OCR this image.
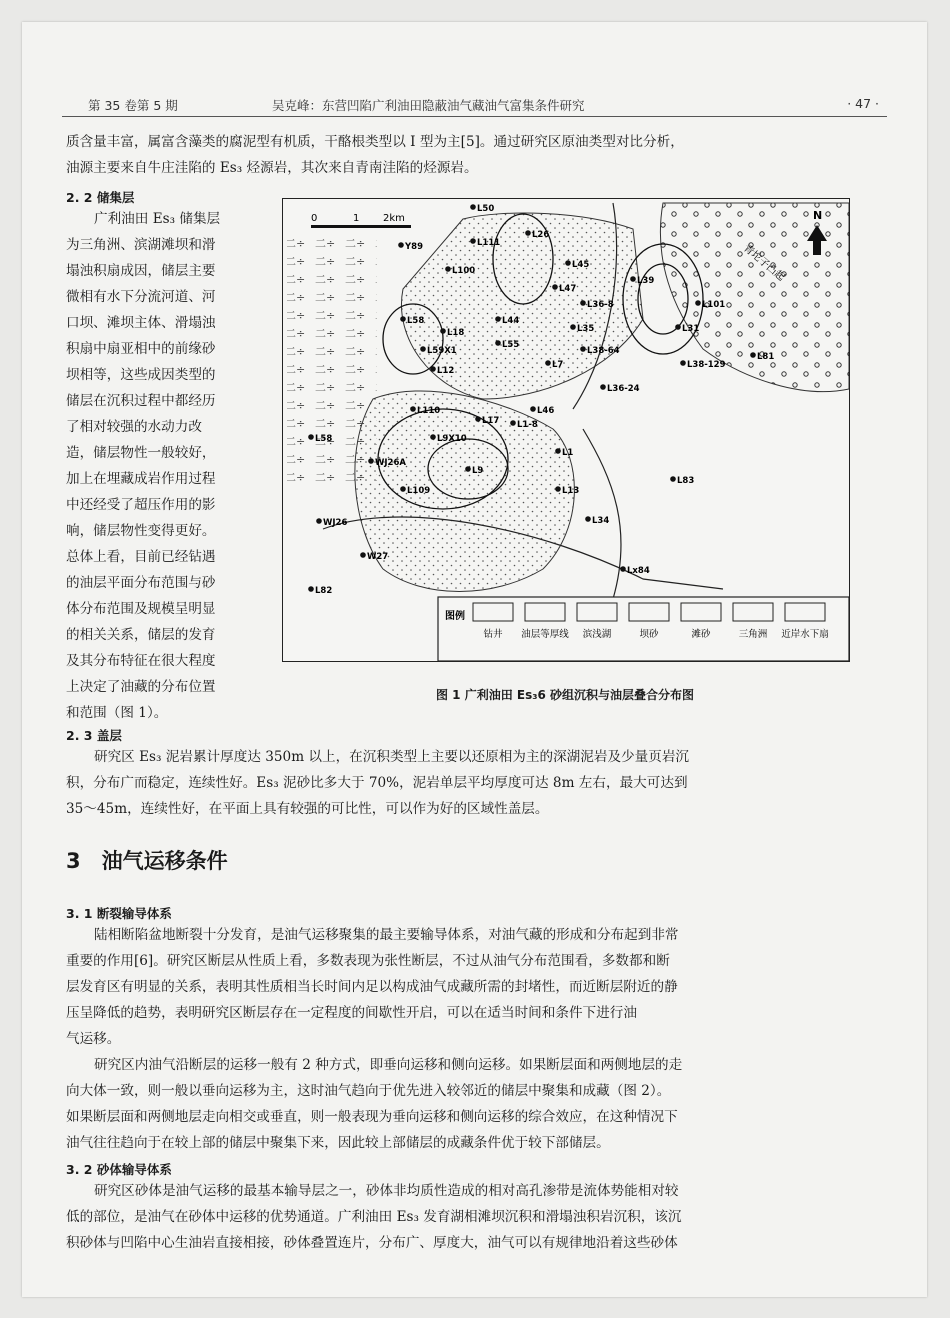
第 35 卷第 5 期	吴克峰：东营凹陷广利油田隐蔽油气藏油气富集条件研究	· 47 ·
质含量丰富，属富含藻类的腐泥型有机质，干酪根类型以 I 型为主[5]。通过研究区原油类型对比分析，
油源主要来自牛庄洼陷的 Es₃ 烃源岩，其次来自青南洼陷的烃源岩。
2. 2 储集层
广利油田 Es₃ 储集层
为三角洲、滨湖滩坝和滑
塌浊积扇成因，储层主要
微相有水下分流河道、河
口坝、滩坝主体、滑塌浊
积扇中扇亚相中的前缘砂
坝相等，这些成因类型的
储层在沉积过程中都经历
了相对较强的水动力改
造，储层物性一般较好，
加上在埋藏成岩作用过程
中还经受了超压作用的影
响，储层物性变得更好。
总体上看，目前已经钻遇
的油层平面分布范围与砂
体分布范围及规模呈明显
的相关关系，储层的发育
及其分布特征在很大程度
上决定了油藏的分布位置
和范围（图 1）。
0	1 2km	N
青坨子凸起
L50
L26
Y89	L111
L100
L45
L47
L39
L36-8	L101
L58	L44
L35
L18
L55
L31
L59X1	L38-64
L7	L38-129
L81
L12
L36-24
L46
L110
L17 L1-8
L58	L9X10
L1
L9
WJ26A
L109	L13
L83
WJ26	L34
W27
L82
Lx84
图例
钻井 油层等厚线 滨浅湖	坝砂	滩砂	三角洲 近岸水下扇
图 1 广利油田 Es₃6 砂组沉积与油层叠合分布图
2. 3 盖层
研究区 Es₃ 泥岩累计厚度达 350m 以上，在沉积类型上主要以还原相为主的深湖泥岩及少量页岩沉
积，分布广而稳定，连续性好。Es₃ 泥砂比多大于 70%，泥岩单层平均厚度可达 8m 左右，最大可达到
35～45m，连续性好，在平面上具有较强的可比性，可以作为好的区域性盖层。
3　油气运移条件
3. 1 断裂输导体系
陆相断陷盆地断裂十分发育，是油气运移聚集的最主要输导体系，对油气藏的形成和分布起到非常
重要的作用[6]。研究区断层从性质上看，多数表现为张性断层，不过从油气分布范围看，多数都和断
层发育区有明显的关系，表明其性质相当长时间内足以构成油气成藏所需的封堵性，而近断层附近的静
压呈降低的趋势，表明研究区断层存在一定程度的间歇性开启，可以在适当时间和条件下进行油
气运移。
研究区内油气沿断层的运移一般有 2 种方式，即垂向运移和侧向运移。如果断层面和两侧地层的走
向大体一致，则一般以垂向运移为主，这时油气趋向于优先进入较邻近的储层中聚集和成藏（图 2）。
如果断层面和两侧地层走向相交或垂直，则一般表现为垂向运移和侧向运移的综合效应，在这种情况下
油气往往趋向于在较上部的储层中聚集下来，因此较上部储层的成藏条件优于较下部储层。
3. 2 砂体输导体系
研究区砂体是油气运移的最基本输导层之一，砂体非均质性造成的相对高孔渗带是流体势能相对较
低的部位，是油气在砂体中运移的优势通道。广利油田 Es₃ 发育湖相滩坝沉积和滑塌浊积岩沉积，该沉
积砂体与凹陷中心生油岩直接相接，砂体叠置连片，分布广、厚度大，油气可以有规律地沿着这些砂体
